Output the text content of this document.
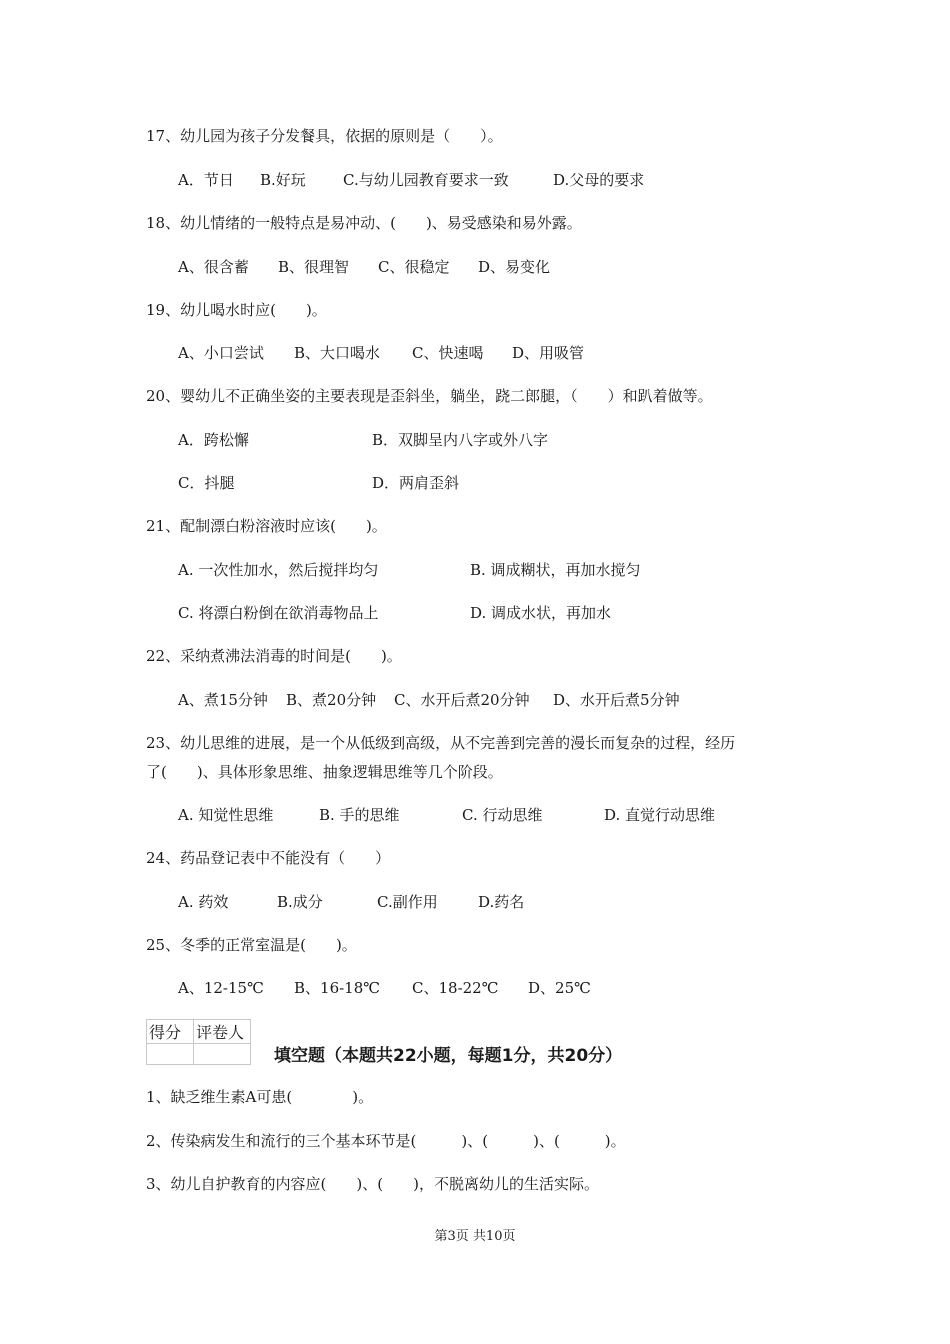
17、幼儿园为孩子分发餐具，依据的原则是（　　）。
A．节日 B.好玩 C.与幼儿园教育要求一致	D.父母的要求
18、幼儿情绪的一般特点是易冲动、(　　)、易受感染和易外露。
A、很含蓄 B、很理智 C、很稳定 D、易变化
19、幼儿喝水时应(　　)。
A、小口尝试 B、大口喝水 C、快速喝 D、用吸管
20、婴幼儿不正确坐姿的主要表现是歪斜坐，躺坐，跷二郎腿，（　　）和趴着做等。
A．跨松懈	B．双脚呈内八字或外八字
C．抖腿	D．两肩歪斜
21、配制漂白粉溶液时应该(　　)。
A. 一次性加水，然后搅拌均匀	B. 调成糊状，再加水搅匀
C. 将漂白粉倒在欲消毒物品上	D. 调成水状，再加水
22、采纳煮沸法消毒的时间是(　　)。
A、煮15分钟 B、煮20分钟 C、水开后煮20分钟 D、水开后煮5分钟
23、幼儿思维的进展，是一个从低级到高级，从不完善到完善的漫长而复杂的过程，经历
了(　　)、具体形象思维、抽象逻辑思维等几个阶段。
A. 知觉性思维	B. 手的思维	C. 行动思维	D. 直觉行动思维
24、药品登记表中不能没有（　　）
A. 药效	B.成分	C.副作用	D.药名
25、冬季的正常室温是(　　)。
A、12-15℃ B、16-18℃ C、18-22℃ D、25℃
得分	评卷人

填空题（本题共22小题，每题1分，共20分）
1、缺乏维生素A可患(　　　　)。
2、传染病发生和流行的三个基本环节是(　　　)、(　　　)、(　　　)。
3、幼儿自护教育的内容应(　　)、(　　)，不脱离幼儿的生活实际。
第3页 共10页
